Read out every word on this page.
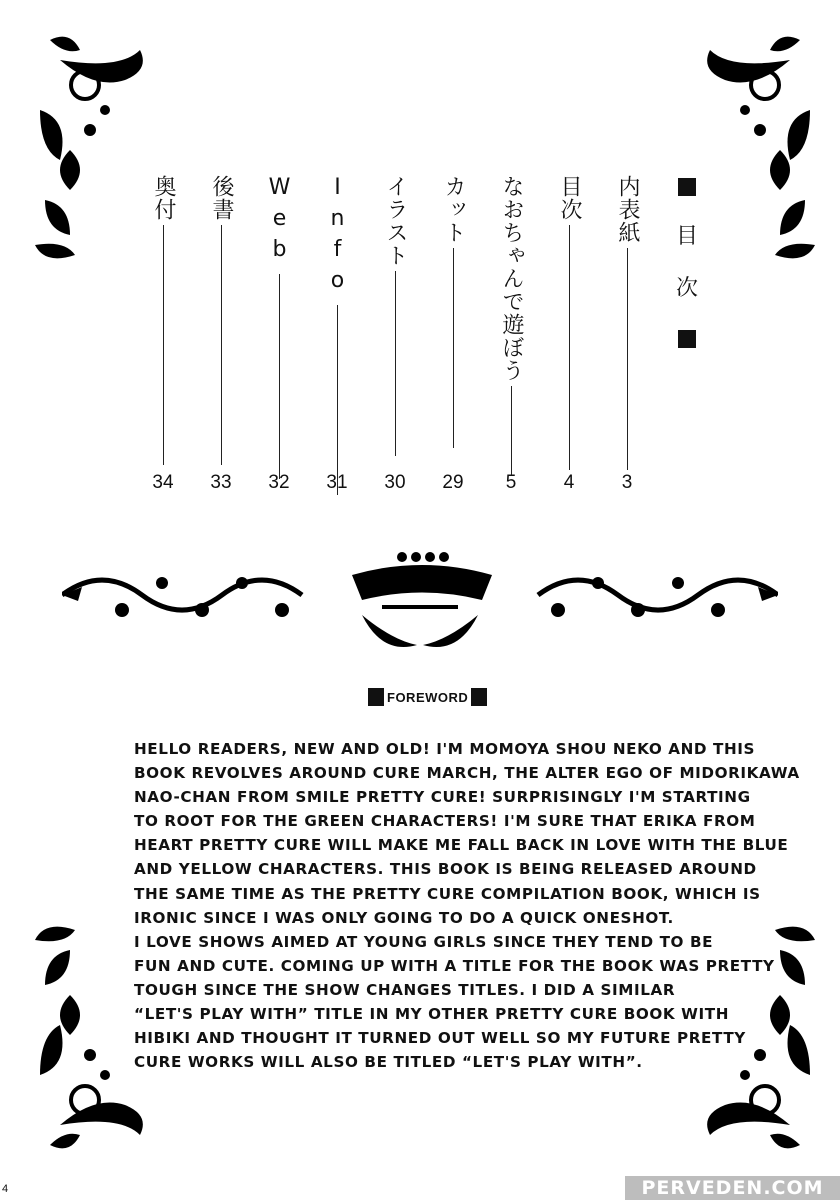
目
次
内表紙
3
目次
4
なおちゃんで遊ぼう
5
カット
29
イラスト
30
Info
31
Web
32
後書
33
奥付
34
FOREWORD
HELLO READERS, NEW AND OLD! I'M MOMOYA SHOU NEKO AND THIS
BOOK REVOLVES AROUND CURE MARCH, THE ALTER EGO OF MIDORIKAWA
NAO-CHAN FROM SMILE PRETTY CURE! SURPRISINGLY I'M STARTING
TO ROOT FOR THE GREEN CHARACTERS! I'M SURE THAT ERIKA FROM
HEART PRETTY CURE WILL MAKE ME FALL BACK IN LOVE WITH THE BLUE
AND YELLOW CHARACTERS. THIS BOOK IS BEING RELEASED AROUND
THE SAME TIME AS THE PRETTY CURE COMPILATION BOOK, WHICH IS
IRONIC SINCE I WAS ONLY GOING TO DO A QUICK ONESHOT.
I LOVE SHOWS AIMED AT YOUNG GIRLS SINCE THEY TEND TO BE
FUN AND CUTE. COMING UP WITH A TITLE FOR THE BOOK WAS PRETTY
TOUGH SINCE THE SHOW CHANGES TITLES. I DID A SIMILAR
“LET'S PLAY WITH” TITLE IN MY OTHER PRETTY CURE BOOK WITH
HIBIKI AND THOUGHT IT TURNED OUT WELL SO MY FUTURE PRETTY
CURE WORKS WILL ALSO BE TITLED “LET'S PLAY WITH”.
4	PERVEDEN.COM
